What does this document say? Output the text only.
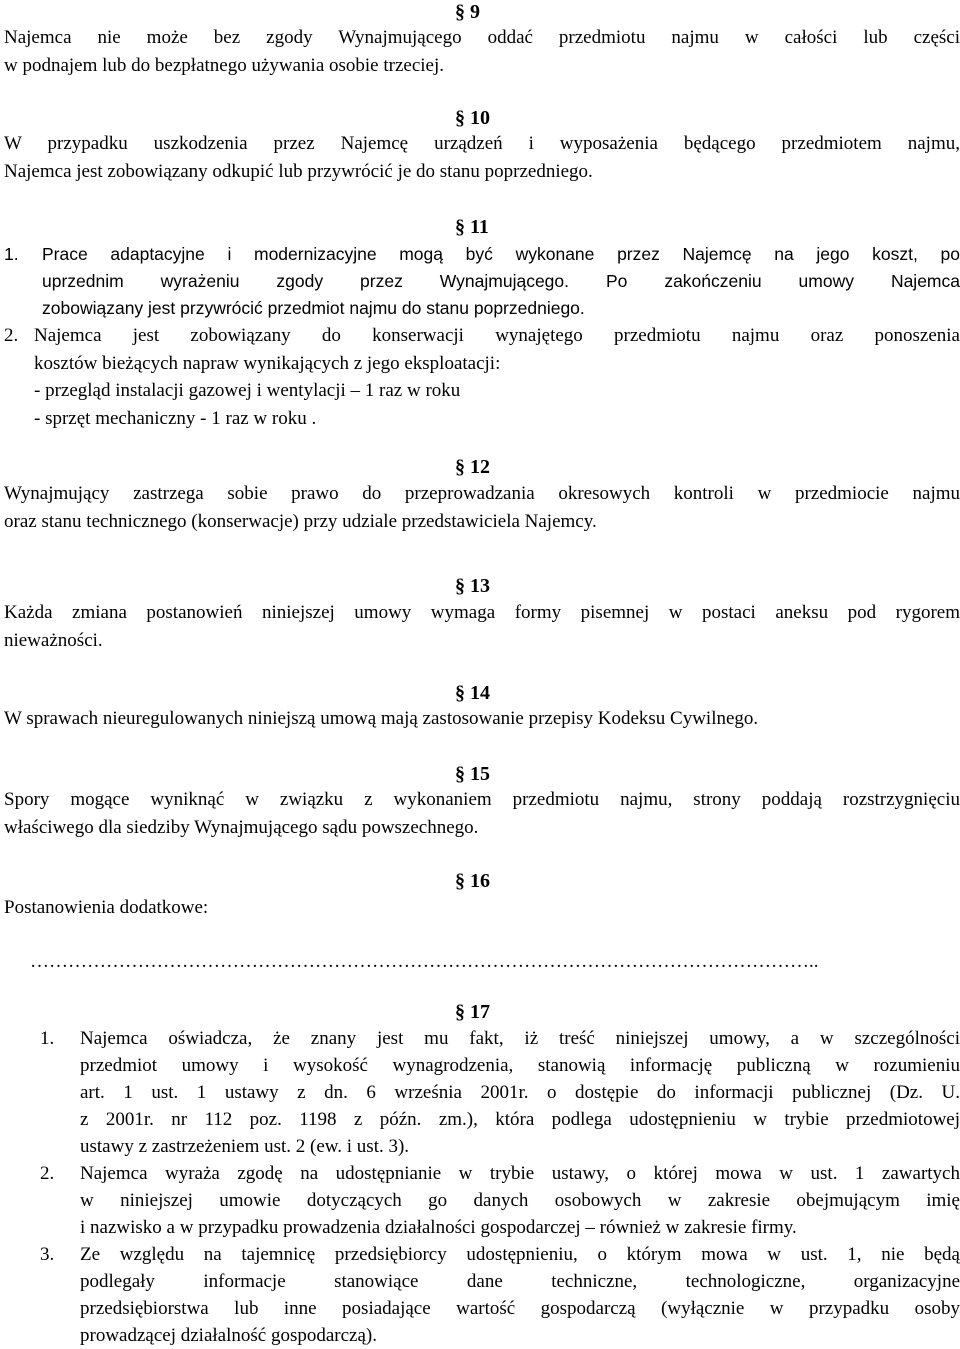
§ 9
Najemca nie może bez zgody Wynajmującego oddać przedmiotu najmu w całości lub części
w podnajem lub do bezpłatnego używania osobie trzeciej.
§ 10
W przypadku uszkodzenia przez Najemcę urządzeń i wyposażenia będącego przedmiotem najmu,
Najemca jest zobowiązany odkupić lub przywrócić je do stanu poprzedniego.
§ 11
1.	Prace adaptacyjne i modernizacyjne mogą być wykonane przez Najemcę na jego koszt, po
uprzednim wyrażeniu zgody przez Wynajmującego. Po zakończeniu umowy Najemca
zobowiązany jest przywrócić przedmiot najmu do stanu poprzedniego.
2. Najemca jest zobowiązany do konserwacji wynajętego przedmiotu najmu oraz ponoszenia
kosztów bieżących napraw wynikających z jego eksploatacji:
- przegląd instalacji gazowej i wentylacji – 1 raz w roku
- sprzęt mechaniczny - 1 raz w roku .
§ 12
Wynajmujący zastrzega sobie prawo do przeprowadzania okresowych kontroli w przedmiocie najmu
oraz stanu technicznego (konserwacje) przy udziale przedstawiciela Najemcy.
§ 13
Każda zmiana postanowień niniejszej umowy wymaga formy pisemnej w postaci aneksu pod rygorem
nieważności.
§ 14
W sprawach nieuregulowanych niniejszą umową mają zastosowanie przepisy Kodeksu Cywilnego.
§ 15
Spory mogące wyniknąć w związku z wykonaniem przedmiotu najmu, strony poddają rozstrzygnięciu
właściwego dla siedziby Wynajmującego sądu powszechnego.
§ 16
Postanowienia dodatkowe:
……………………………………………………………………………………………………………..
§ 17
1.	Najemca oświadcza, że znany jest mu fakt, iż treść niniejszej umowy, a w szczególności
przedmiot umowy i wysokość wynagrodzenia, stanowią informację publiczną w rozumieniu
art. 1 ust. 1 ustawy z dn. 6 września 2001r. o dostępie do informacji publicznej (Dz. U.
z 2001r. nr 112 poz. 1198 z późn. zm.), która podlega udostępnieniu w trybie przedmiotowej
ustawy z zastrzeżeniem ust. 2 (ew. i ust. 3).
2.	Najemca wyraża zgodę na udostępnianie w trybie ustawy, o której mowa w ust. 1 zawartych
w niniejszej umowie dotyczących go danych osobowych w zakresie obejmującym imię
i nazwisko a w przypadku prowadzenia działalności gospodarczej – również w zakresie firmy.
3.	Ze względu na tajemnicę przedsiębiorcy udostępnieniu, o którym mowa w ust. 1, nie będą
podlegały informacje stanowiące dane techniczne, technologiczne, organizacyjne
przedsiębiorstwa lub inne posiadające wartość gospodarczą (wyłącznie w przypadku osoby
prowadzącej działalność gospodarczą).
